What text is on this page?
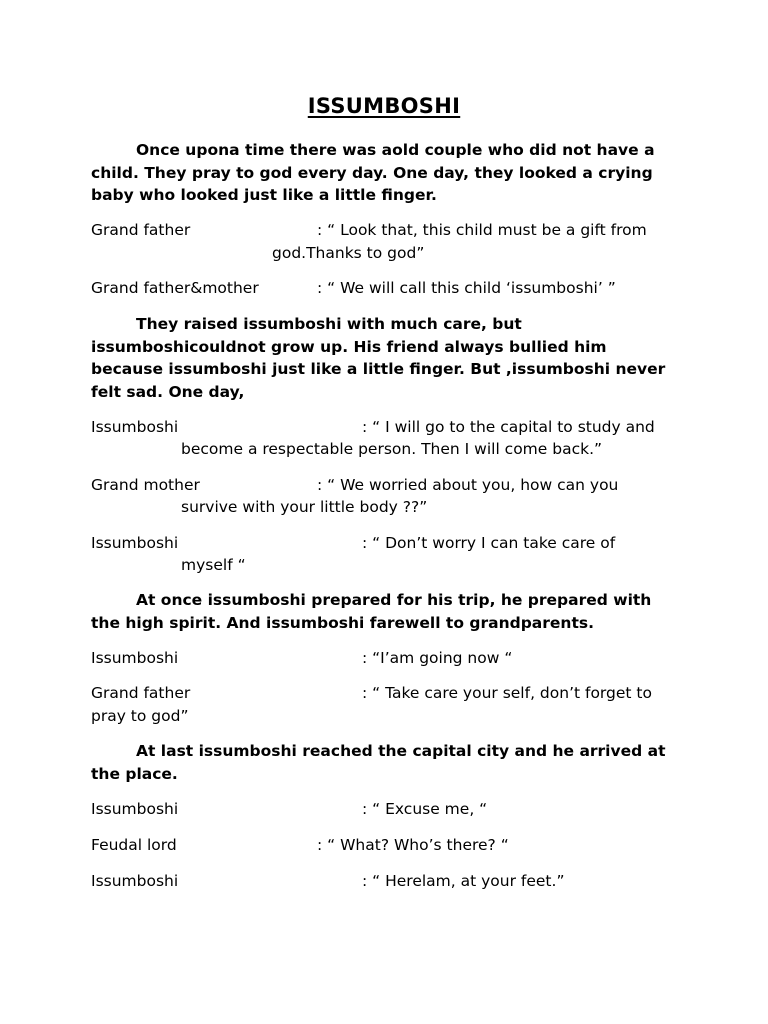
ISSUMBOSHI

Once upona time there was aold couple who did not have a child. They pray to god every day. One day, they looked a crying baby who looked just like a little finger.

Grand father	: “ Look that, this child must be a gift from

god.Thanks to god”

Grand father&mother	: “ We will call this child ‘issumboshi’ ”

They raised issumboshi with much care, but issumboshicouldnot grow up. His friend always bullied him because issumboshi just like a little finger. But ,issumboshi never felt sad. One day,

Issumboshi	: “ I will go to the capital to study and

become a respectable person. Then I will come back.”

Grand mother	: “ We worried about you, how can you

survive with your little body ??”

Issumboshi	: “ Don’t worry I can take care of

myself “

At once issumboshi prepared for his trip, he prepared with the high spirit. And issumboshi farewell to grandparents.

Issumboshi	: “I’am going now “
Grand father	: “ Take care your self, don’t forget to

pray to god”

At last issumboshi reached the capital city and he arrived at the place.

Issumboshi	: “ Excuse me, “
Feudal lord	: “ What? Who’s there? “
Issumboshi	: “ Herelam, at your feet.”
